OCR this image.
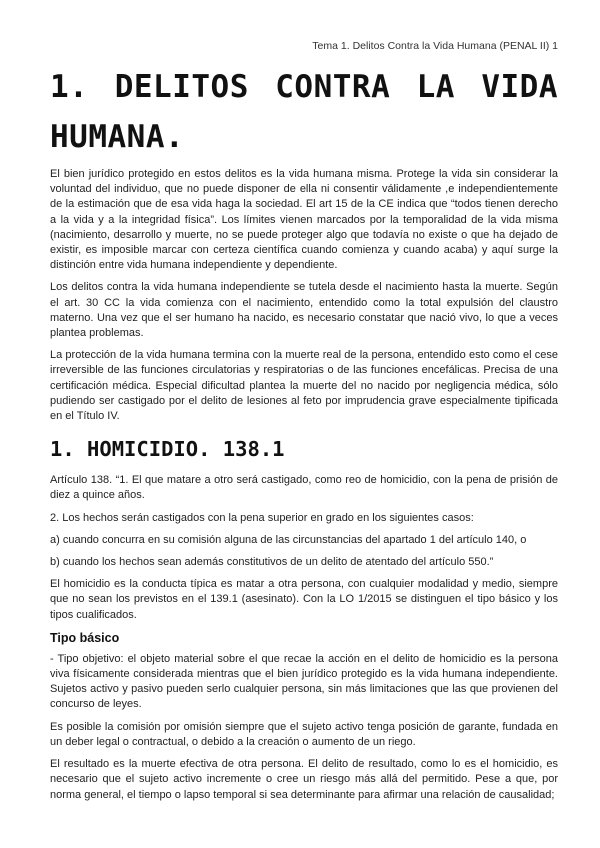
Tema 1. Delitos Contra la Vida Humana (PENAL II) 1
1. DELITOS CONTRA LA VIDA HUMANA.

El bien jurídico protegido en estos delitos es la vida humana misma. Protege la vida sin considerar la voluntad del individuo, que no puede disponer de ella ni consentir válidamente ,e independientemente de la estimación que de esa vida haga la sociedad. El art 15 de la CE indica que “todos tienen derecho a la vida y a la integridad física”. Los límites vienen marcados por la temporalidad de la vida misma (nacimiento, desarrollo y muerte, no se puede proteger algo que todavía no existe o que ha dejado de existir, es imposible marcar con certeza científica cuando comienza y cuando acaba) y aquí surge la distinción entre vida humana independiente y dependiente.

Los delitos contra la vida humana independiente se tutela desde el nacimiento hasta la muerte. Según el art. 30 CC la vida comienza con el nacimiento, entendido como la total expulsión del claustro materno. Una vez que el ser humano ha nacido, es necesario constatar que nació vivo, lo que a veces plantea problemas.

La protección de la vida humana termina con la muerte real de la persona, entendido esto como el cese irreversible de las funciones circulatorias y respiratorias o de las funciones encefálicas. Precisa de una certificación médica. Especial dificultad plantea la muerte del no nacido por negligencia médica, sólo pudiendo ser castigado por el delito de lesiones al feto por imprudencia grave especialmente tipificada en el Título IV.

1. HOMICIDIO. 138.1

Artículo 138. “1. El que matare a otro será castigado, como reo de homicidio, con la pena de prisión de diez a quince años.

2. Los hechos serán castigados con la pena superior en grado en los siguientes casos:

a) cuando concurra en su comisión alguna de las circunstancias del apartado 1 del artículo 140, o

b) cuando los hechos sean además constitutivos de un delito de atentado del artículo 550.”

El homicidio es la conducta típica es matar a otra persona, con cualquier modalidad y medio, siempre que no sean los previstos en el 139.1 (asesinato). Con la LO 1/2015 se distinguen el tipo básico y los tipos cualificados.

Tipo básico

- Tipo objetivo: el objeto material sobre el que recae la acción en el delito de homicidio es la persona viva físicamente considerada mientras que el bien jurídico protegido es la vida humana independiente. Sujetos activo y pasivo pueden serlo cualquier persona, sin más limitaciones que las que provienen del concurso de leyes.

Es posible la comisión por omisión siempre que el sujeto activo tenga posición de garante, fundada en un deber legal o contractual, o debido a la creación o aumento de un riego.

El resultado es la muerte efectiva de otra persona. El delito de resultado, como lo es el homicidio, es necesario que el sujeto activo incremente o cree un riesgo más allá del permitido. Pese a que, por norma general, el tiempo o lapso temporal si sea determinante para afirmar una relación de causalidad;
